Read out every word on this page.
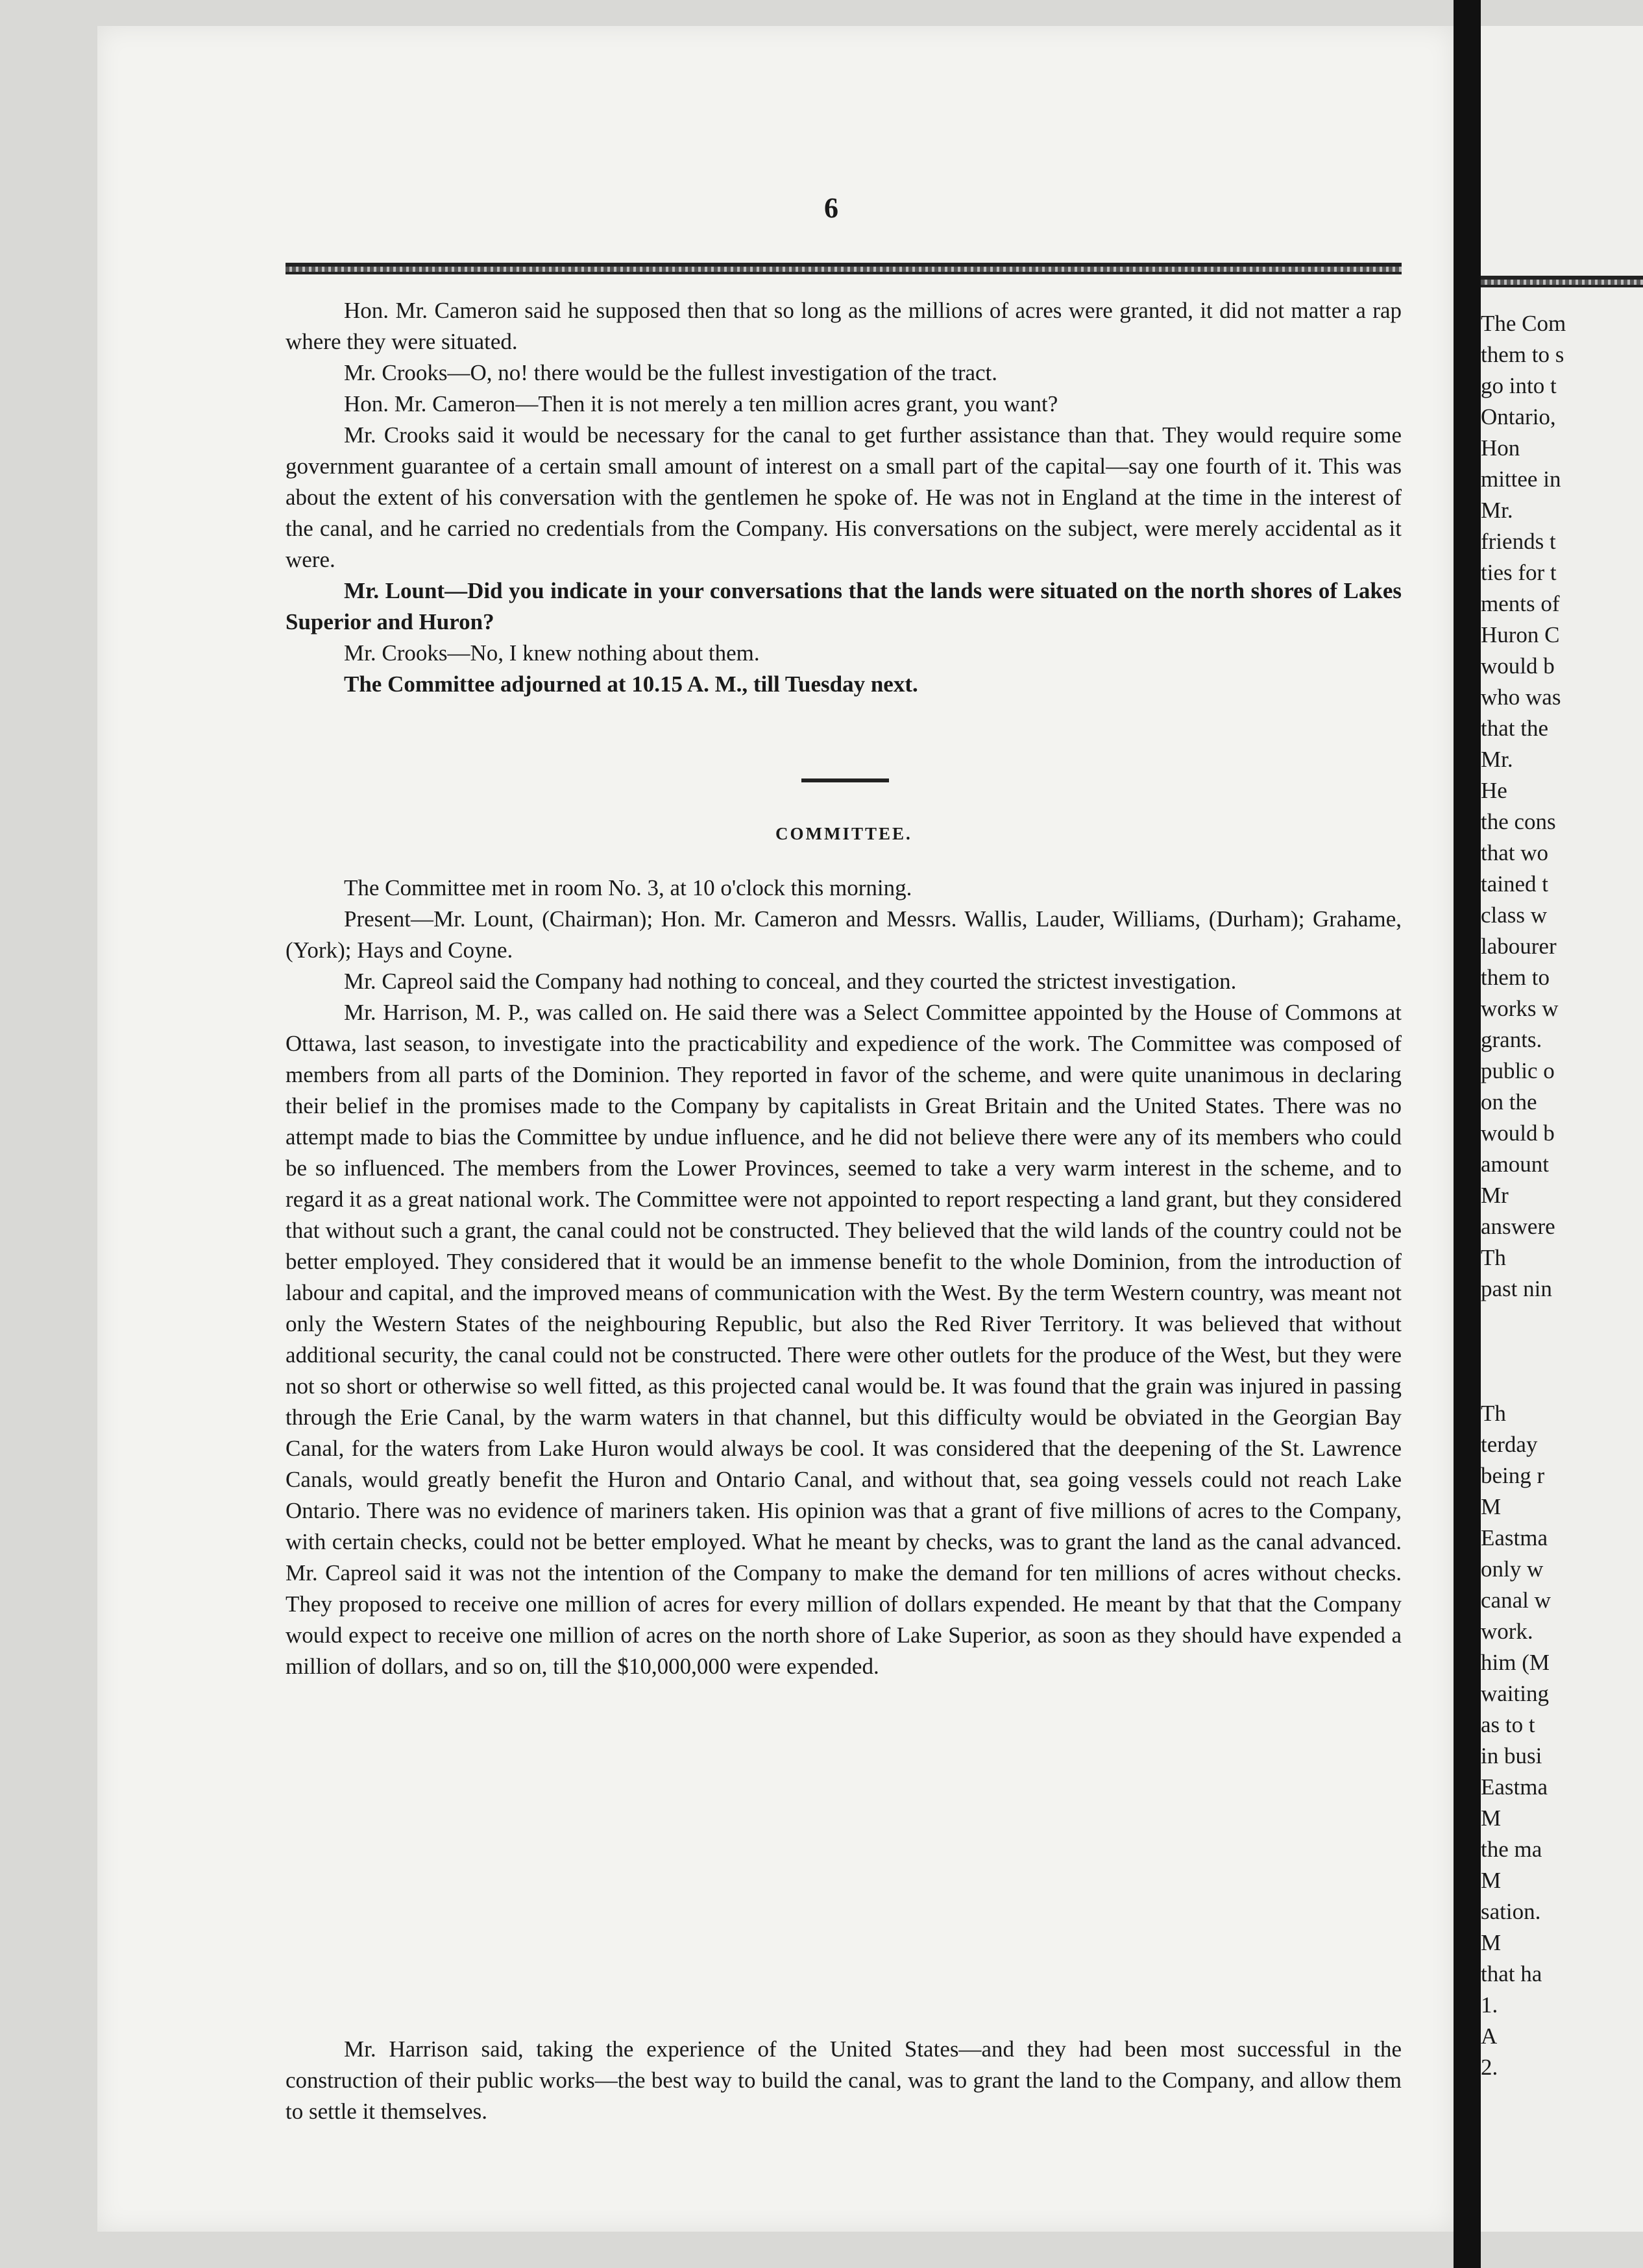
6

Hon. Mr. Cameron said he supposed then that so long as the millions of acres were granted, it did not matter a rap where they were situated.

Mr. Crooks—O, no! there would be the fullest investigation of the tract.

Hon. Mr. Cameron—Then it is not merely a ten million acres grant, you want?

Mr. Crooks said it would be necessary for the canal to get further assistance than that. They would require some government guarantee of a certain small amount of interest on a small part of the capital—say one fourth of it. This was about the extent of his conversation with the gentlemen he spoke of. He was not in England at the time in the interest of the canal, and he carried no credentials from the Company. His conversations on the subject, were merely accidental as it were.

Mr. Lount—Did you indicate in your conversations that the lands were situated on the north shores of Lakes Superior and Huron?

Mr. Crooks—No, I knew nothing about them.

The Committee adjourned at 10.15 A. M., till Tuesday next.

COMMITTEE.

The Committee met in room No. 3, at 10 o'clock this morning.

Present—Mr. Lount, (Chairman); Hon. Mr. Cameron and Messrs. Wallis, Lauder, Williams, (Durham); Grahame, (York); Hays and Coyne.

Mr. Capreol said the Company had nothing to conceal, and they courted the strictest investigation.

Mr. Harrison, M. P., was called on. He said there was a Select Committee appointed by the House of Commons at Ottawa, last season, to investigate into the practicability and expedience of the work. The Committee was composed of members from all parts of the Dominion. They reported in favor of the scheme, and were quite unanimous in declaring their belief in the promises made to the Company by capitalists in Great Britain and the United States. There was no attempt made to bias the Committee by undue influence, and he did not believe there were any of its members who could be so influenced. The members from the Lower Provinces, seemed to take a very warm interest in the scheme, and to regard it as a great national work. The Committee were not appointed to report respecting a land grant, but they considered that without such a grant, the canal could not be constructed. They believed that the wild lands of the country could not be better employed. They considered that it would be an immense benefit to the whole Dominion, from the introduction of labour and capital, and the improved means of communication with the West. By the term Western country, was meant not only the Western States of the neighbouring Republic, but also the Red River Territory. It was believed that without additional security, the canal could not be constructed. There were other outlets for the produce of the West, but they were not so short or otherwise so well fitted, as this projected canal would be. It was found that the grain was injured in passing through the Erie Canal, by the warm waters in that channel, but this difficulty would be obviated in the Georgian Bay Canal, for the waters from Lake Huron would always be cool. It was considered that the deepening of the St. Lawrence Canals, would greatly benefit the Huron and Ontario Canal, and without that, sea going vessels could not reach Lake Ontario. There was no evidence of mariners taken. His opinion was that a grant of five millions of acres to the Company, with certain checks, could not be better employed. What he meant by checks, was to grant the land as the canal advanced. Mr. Capreol said it was not the intention of the Company to make the demand for ten millions of acres without checks. They proposed to receive one million of acres for every million of dollars expended. He meant by that that the Company would expect to receive one million of acres on the north shore of Lake Superior, as soon as they should have expended a million of dollars, and so on, till the $10,000,000 were expended.

Mr. Harrison said, taking the experience of the United States—and they had been most successful in the construction of their public works—the best way to build the canal, was to grant the land to the Company, and allow them to settle it themselves.

The Com
them to s
go into t
Ontario,
Hon
mittee in
Mr.
friends t
ties for t
ments of
Huron C
would b
who was
that the
Mr.
He
the cons
that wo
tained t
class w
labourer
them to
works w
grants.
public o
on the
would b
amount
Mr
answere
Th
past nin
Th
terday
being r
M
Eastma
only w
canal w
work.
him (M
waiting
as to t
in busi
Eastma
M
the ma
M
sation.
M
that ha
1.
A
2.
